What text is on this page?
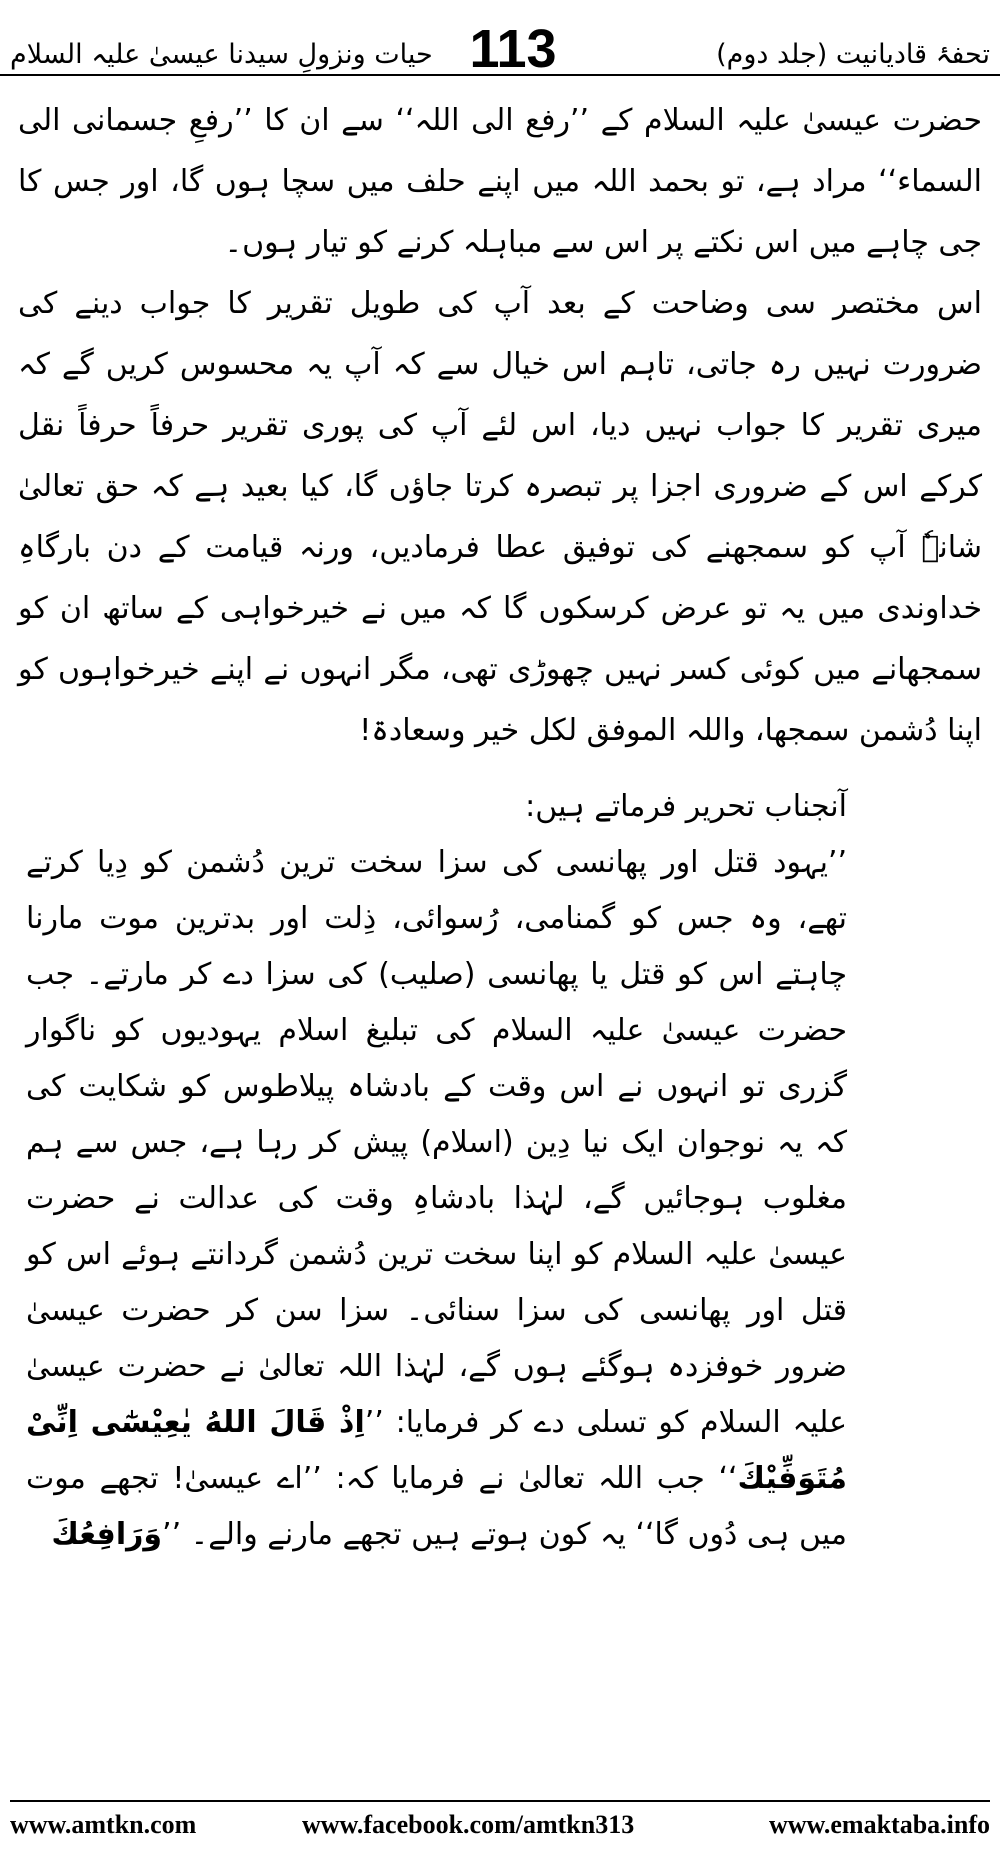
حیات ونزولِ سیدنا عیسیٰ علیہ السلام 113	تحفۂ قادیانیت (جلد دوم)

حضرت عیسیٰ علیہ السلام کے ’’رفع الی اللہ‘‘ سے ان کا ’’رفعِ جسمانی الی السماء‘‘ مراد ہے، تو بحمد اللہ میں اپنے حلف میں سچا ہوں گا، اور جس کا جی چاہے میں اس نکتے پر اس سے مباہلہ کرنے کو تیار ہوں۔

اس مختصر سی وضاحت کے بعد آپ کی طویل تقریر کا جواب دینے کی ضرورت نہیں رہ جاتی، تاہم اس خیال سے کہ آپ یہ محسوس کریں گے کہ میری تقریر کا جواب نہیں دیا، اس لئے آپ کی پوری تقریر حرفاً حرفاً نقل کرکے اس کے ضروری اجزا پر تبصرہ کرتا جاؤں گا، کیا بعید ہے کہ حق تعالیٰ شانہٗ آپ کو سمجھنے کی توفیق عطا فرمادیں، ورنہ قیامت کے دن بارگاہِ خداوندی میں یہ تو عرض کرسکوں گا کہ میں نے خیرخواہی کے ساتھ ان کو سمجھانے میں کوئی کسر نہیں چھوڑی تھی، مگر انہوں نے اپنے خیرخواہوں کو اپنا دُشمن سمجھا، واللہ الموفق لکل خیر وسعادۃ!

آنجناب تحریر فرماتے ہیں:

’’یہود قتل اور پھانسی کی سزا سخت ترین دُشمن کو دِیا کرتے تھے، وہ جس کو گمنامی، رُسوائی، ذِلت اور بدترین موت مارنا چاہتے اس کو قتل یا پھانسی (صلیب) کی سزا دے کر مارتے۔ جب حضرت عیسیٰ علیہ السلام کی تبلیغ اسلام یہودیوں کو ناگوار گزری تو انہوں نے اس وقت کے بادشاہ پیلاطوس کو شکایت کی کہ یہ نوجوان ایک نیا دِین (اسلام) پیش کر رہا ہے، جس سے ہم مغلوب ہوجائیں گے، لہٰذا بادشاہِ وقت کی عدالت نے حضرت عیسیٰ علیہ السلام کو اپنا سخت ترین دُشمن گردانتے ہوئے اس کو قتل اور پھانسی کی سزا سنائی۔ سزا سن کر حضرت عیسیٰ ضرور خوفزدہ ہوگئے ہوں گے، لہٰذا اللہ تعالیٰ نے حضرت عیسیٰ علیہ السلام کو تسلی دے کر فرمایا: ’’اِذْ قَالَ اللهُ يٰعِيْسٰٓى اِنِّىْ مُتَوَفِّيْكَ‘‘ جب اللہ تعالیٰ نے فرمایا کہ: ’’اے عیسیٰ! تجھے موت میں ہی دُوں گا‘‘ یہ کون ہوتے ہیں تجھے مارنے والے۔ ’’وَرَافِعُكَ

www.amtkn.com	www.facebook.com/amtkn313	www.emaktaba.info
